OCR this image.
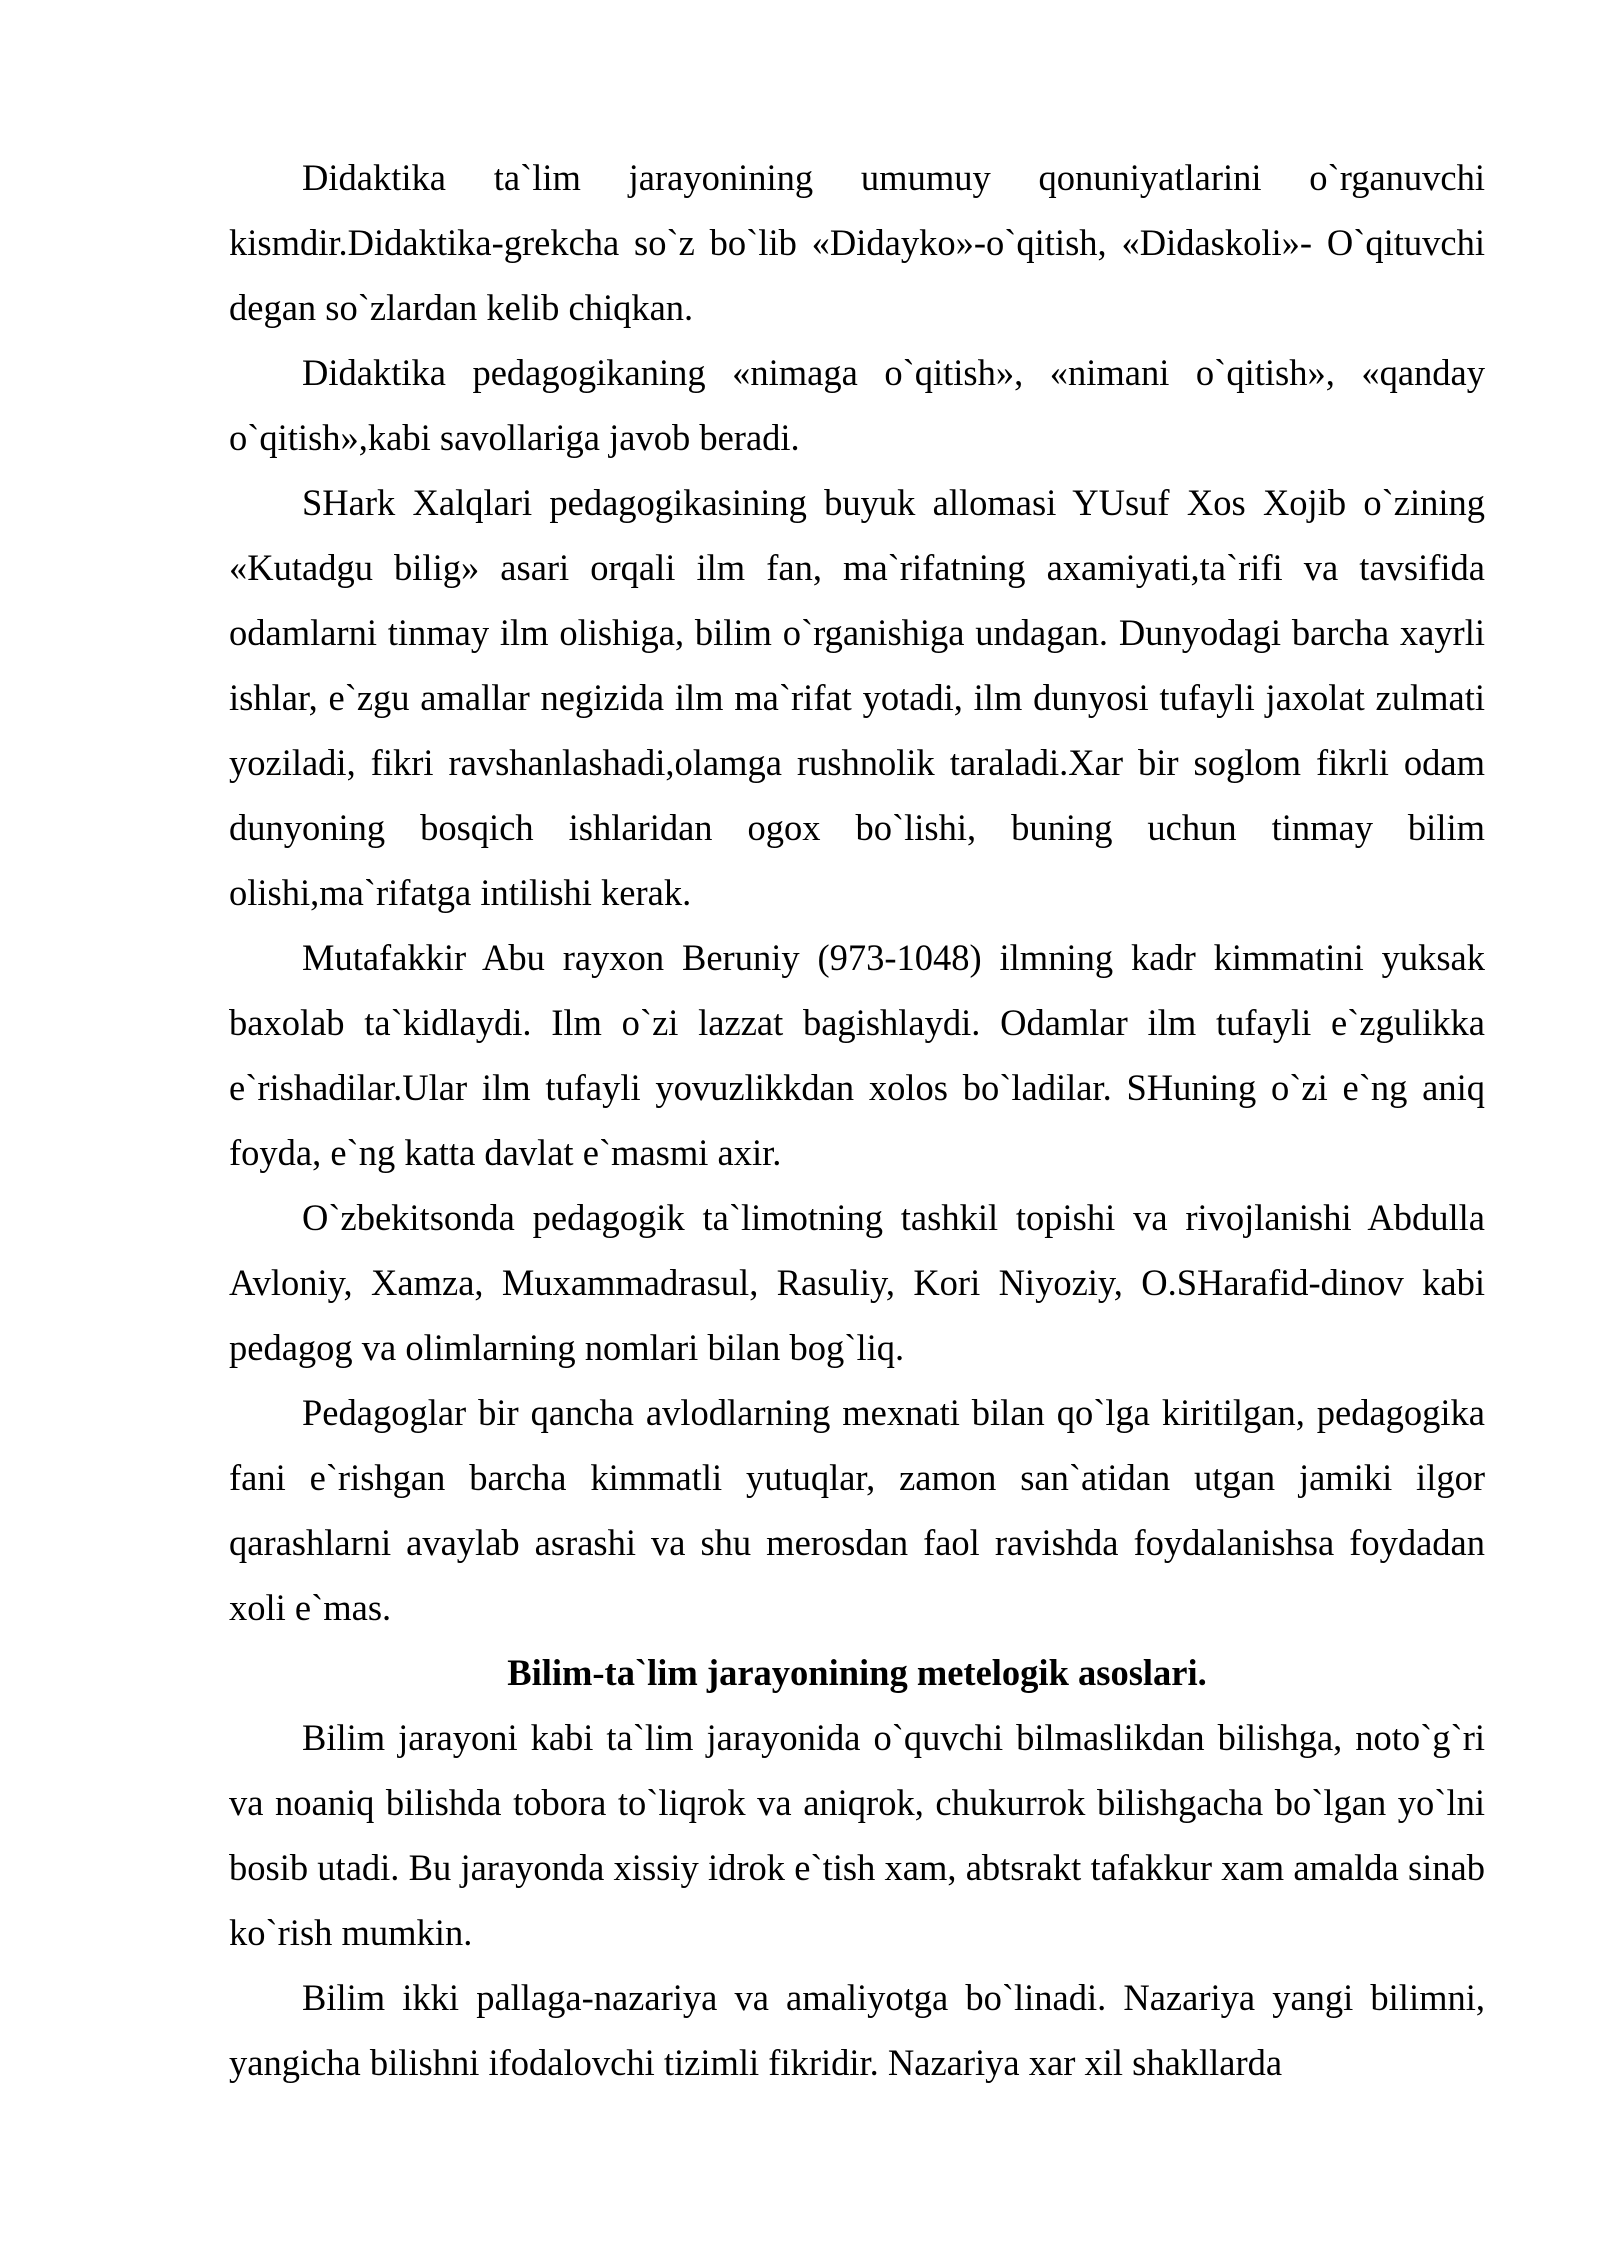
Didaktika ta`lim jarayonining umumuy qonuniyatlarini o`rganuvchi kismdir.Didaktika-grekcha so`z bo`lib «Didayko»-o`qitish, «Didaskoli»- O`qituvchi degan so`zlardan kelib chiqkan.

Didaktika pedagogikaning «nimaga o`qitish», «nimani o`qitish», «qanday o`qitish»,kabi savollariga javob beradi.

SHark Xalqlari pedagogikasining buyuk allomasi YUsuf Xos Xojib o`zining «Kutadgu bilig» asari orqali ilm fan, ma`rifatning axamiyati,ta`rifi va tavsifida odamlarni tinmay ilm olishiga, bilim o`rganishiga undagan. Dunyodagi barcha xayrli ishlar, e`zgu amallar negizida ilm ma`rifat yotadi, ilm dunyosi tufayli jaxolat zulmati yoziladi, fikri ravshanlashadi,olamga rushnolik taraladi.Xar bir soglom fikrli odam dunyoning bosqich ishlaridan ogox bo`lishi, buning uchun tinmay bilim olishi,ma`rifatga intilishi kerak.

Mutafakkir Abu rayxon Beruniy (973-1048) ilmning kadr kimmatini yuksak baxolab ta`kidlaydi. Ilm o`zi lazzat bagishlaydi. Odamlar ilm tufayli e`zgulikka e`rishadilar.Ular ilm tufayli yovuzlikkdan xolos bo`ladilar. SHuning o`zi e`ng aniq foyda, e`ng katta davlat e`masmi axir.

O`zbekitsonda pedagogik ta`limotning tashkil topishi va rivojlanishi Abdulla Avloniy, Xamza, Muxammadrasul, Rasuliy, Kori Niyoziy, O.SHarafid-dinov kabi pedagog va olimlarning nomlari bilan bog`liq.

Pedagoglar bir qancha avlodlarning mexnati bilan qo`lga kiritilgan, pedagogika fani e`rishgan barcha kimmatli yutuqlar, zamon san`atidan utgan jamiki ilgor qarashlarni avaylab asrashi va shu merosdan faol ravishda foydalanishsa foydadan xoli e`mas.

Bilim-ta`lim jarayonining metelogik asoslari.

Bilim jarayoni kabi ta`lim jarayonida o`quvchi bilmaslikdan bilishga, noto`g`ri va noaniq bilishda tobora to`liqrok va aniqrok, chukurrok bilishgacha bo`lgan yo`lni bosib utadi. Bu jarayonda xissiy idrok e`tish xam, abtsrakt tafakkur xam amalda sinab ko`rish mumkin.

Bilim ikki pallaga-nazariya va amaliyotga bo`linadi. Nazariya yangi bilimni, yangicha bilishni ifodalovchi tizimli fikridir. Nazariya xar xil shakllarda
